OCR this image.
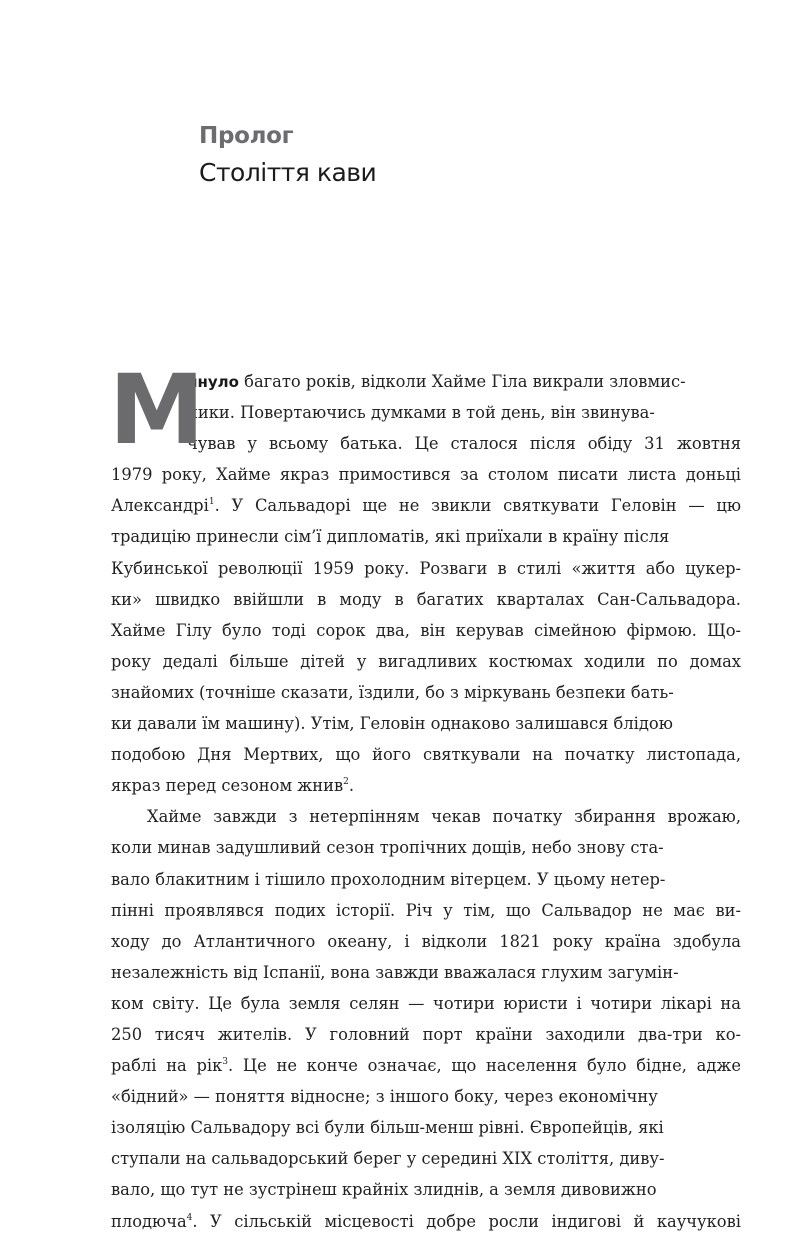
Пролог
Століття кави
М
инуло багато років, відколи Хайме Гіла викрали зловмис-
ники. Повертаючись думками в той день, він звинува-
чував у всьому батька. Це сталося після обіду 31 жовтня
1979 року, Хайме якраз примостився за столом писати листа доньці
Александрі$^1$. У Сальвадорі ще не звикли святкувати Геловін — цю
традицію принесли сім’ї дипломатів, які приїхали в країну після
Кубинської революції 1959 року. Розваги в стилі «життя або цукер-
ки» швидко ввійшли в моду в багатих кварталах Сан-Сальвадора.
Хайме Гілу було тоді сорок два, він керував сімейною фірмою. Що-
року дедалі більше дітей у вигадливих костюмах ходили по домах
знайомих (точніше сказати, їздили, бо з міркувань безпеки бать-
ки давали їм машину). Утім, Геловін однаково залишався блідою
подобою Дня Мертвих, що його святкували на початку листопада,
якраз перед сезоном жнив$^2$.
Хайме завжди з нетерпінням чекав початку збирання врожаю,
коли минав задушливий сезон тропічних дощів, небо знову ста-
вало блакитним і тішило прохолодним вітерцем. У цьому нетер-
пінні проявлявся подих історії. Річ у тім, що Сальвадор не має ви-
ходу до Атлантичного океану, і відколи 1821 року країна здобула
незалежність від Іспанії, вона завжди вважалася глухим загумін-
ком світу. Це була земля селян — чотири юристи і чотири лікарі на
250 тисяч жителів. У головний порт країни заходили два-три ко-
раблі на рік$^3$. Це не конче означає, що населення було бідне, адже
«бідний» — поняття відносне; з іншого боку, через економічну
ізоляцію Сальвадору всі були більш-менш рівні. Європейців, які
ступали на сальвадорський берег у середині XIX століття, диву-
вало, що тут не зустрінеш крайніх злиднів, а земля дивовижно
плодюча$^4$. У сільській місцевості добре росли індигові й каучукові
